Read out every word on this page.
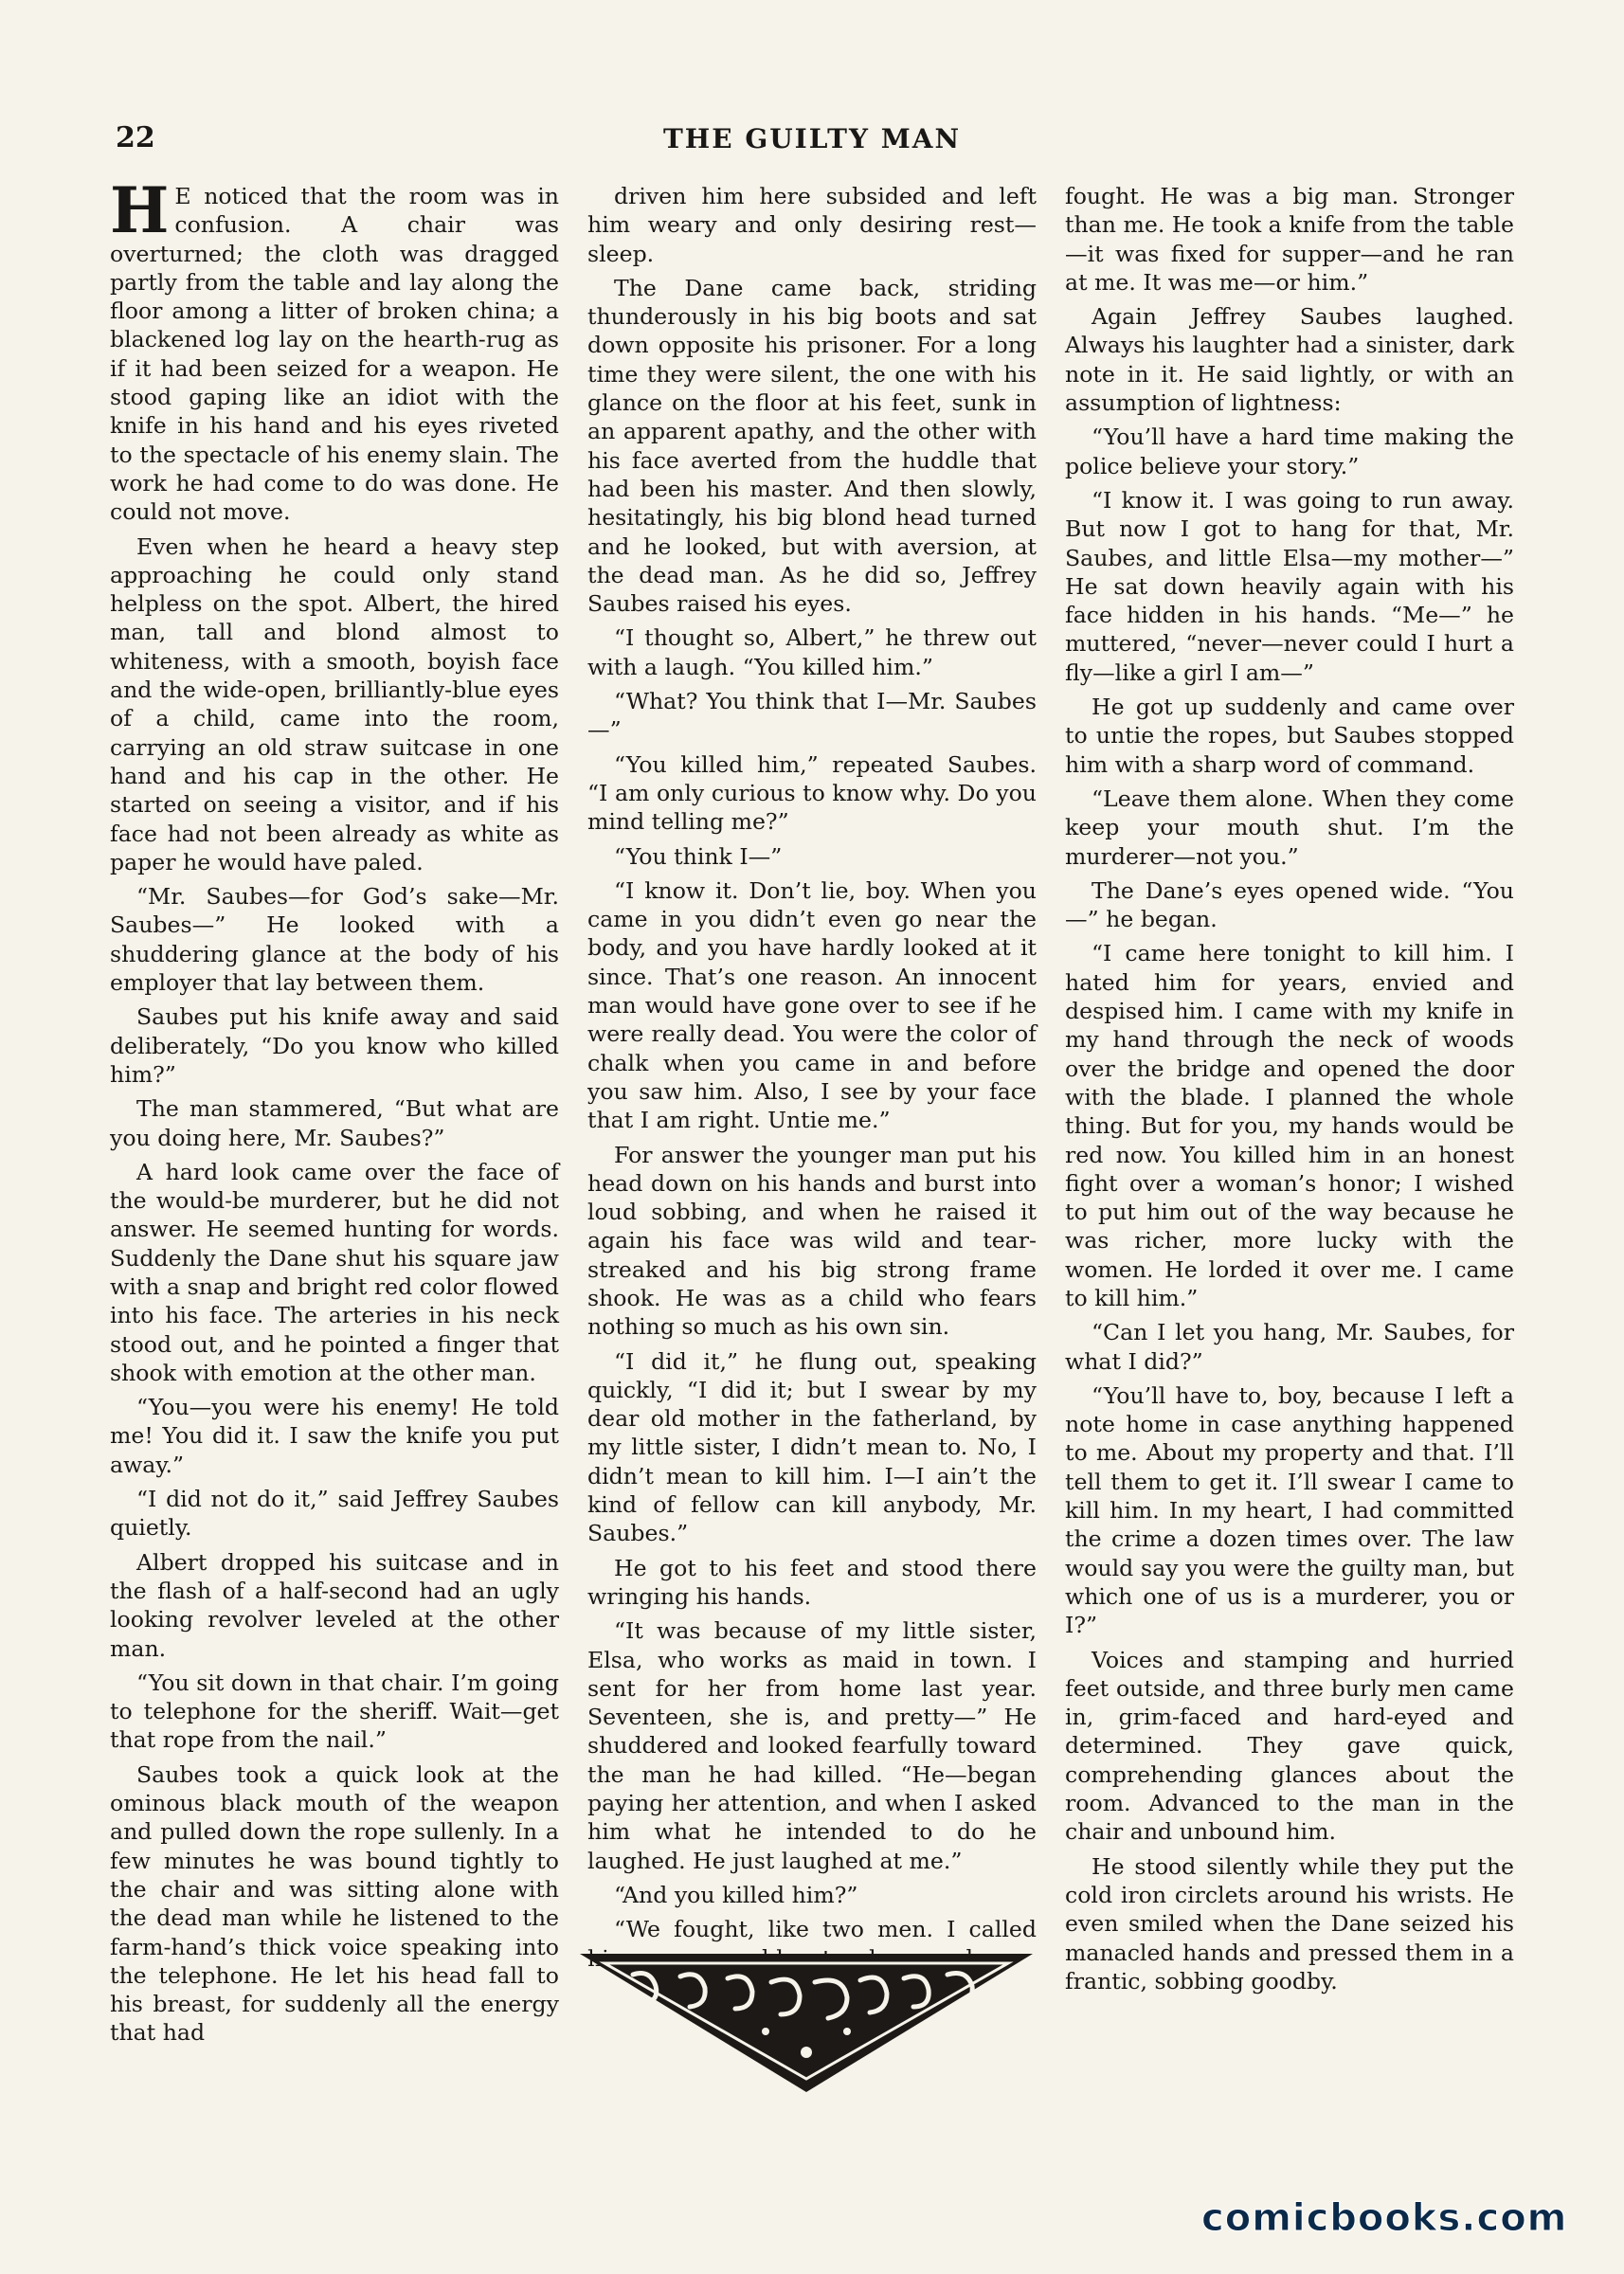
22	THE GUILTY MAN

H E noticed that the room was in confusion. A chair was overturned; the cloth was dragged partly from the table and lay along the floor among a litter of broken china; a blackened log lay on the hearth-rug as if it had been seized for a weapon. He stood gaping like an idiot with the knife in his hand and his eyes riveted to the spectacle of his enemy slain. The work he had come to do was done. He could not move.

Even when he heard a heavy step approaching he could only stand helpless on the spot. Albert, the hired man, tall and blond almost to whiteness, with a smooth, boyish face and the wide-open, brilliantly-blue eyes of a child, came into the room, carrying an old straw suitcase in one hand and his cap in the other. He started on seeing a visitor, and if his face had not been already as white as paper he would have paled.

“Mr. Saubes—for God’s sake—Mr. Saubes—” He looked with a shuddering glance at the body of his employer that lay between them.

Saubes put his knife away and said deliberately, “Do you know who killed him?”

The man stammered, “But what are you doing here, Mr. Saubes?”

A hard look came over the face of the would-be murderer, but he did not answer. He seemed hunting for words. Suddenly the Dane shut his square jaw with a snap and bright red color flowed into his face. The arteries in his neck stood out, and he pointed a finger that shook with emotion at the other man.

“You—you were his enemy! He told me! You did it. I saw the knife you put away.”

“I did not do it,” said Jeffrey Saubes quietly.

Albert dropped his suitcase and in the flash of a half-second had an ugly looking revolver leveled at the other man.

“You sit down in that chair. I’m going to telephone for the sheriff. Wait—get that rope from the nail.”

Saubes took a quick look at the ominous black mouth of the weapon and pulled down the rope sullenly. In a few minutes he was bound tightly to the chair and was sitting alone with the dead man while he listened to the farm-hand’s thick voice speaking into the telephone. He let his head fall to his breast, for suddenly all the energy that had

driven him here subsided and left him weary and only desiring rest—sleep.

The Dane came back, striding thunderously in his big boots and sat down opposite his prisoner. For a long time they were silent, the one with his glance on the floor at his feet, sunk in an apparent apathy, and the other with his face averted from the huddle that had been his master. And then slowly, hesitatingly, his big blond head turned and he looked, but with aversion, at the dead man. As he did so, Jeffrey Saubes raised his eyes.

“I thought so, Albert,” he threw out with a laugh. “You killed him.”

“What? You think that I—Mr. Saubes—”

“You killed him,” repeated Saubes. “I am only curious to know why. Do you mind telling me?”

“You think I—”

“I know it. Don’t lie, boy. When you came in you didn’t even go near the body, and you have hardly looked at it since. That’s one reason. An innocent man would have gone over to see if he were really dead. You were the color of chalk when you came in and before you saw him. Also, I see by your face that I am right. Untie me.”

For answer the younger man put his head down on his hands and burst into loud sobbing, and when he raised it again his face was wild and tear-streaked and his big strong frame shook. He was as a child who fears nothing so much as his own sin.

“I did it,” he flung out, speaking quickly, “I did it; but I swear by my dear old mother in the fatherland, by my little sister, I didn’t mean to. No, I didn’t mean to kill him. I—I ain’t the kind of fellow can kill anybody, Mr. Saubes.”

He got to his feet and stood there wringing his hands.

“It was because of my little sister, Elsa, who works as maid in town. I sent for her from home last year. Seventeen, she is, and pretty—” He shuddered and looked fearfully toward the man he had killed. “He—began paying her attention, and when I asked him what he intended to do he laughed. He just laughed at me.”

“And you killed him?”

“We fought, like two men. I called

fought. He was a big man. Stronger than me. He took a knife from the table—it was fixed for supper—and he ran at me. It was me—or him.”

Again Jeffrey Saubes laughed. Always his laughter had a sinister, dark note in it. He said lightly, or with an assumption of lightness:

“You’ll have a hard time making the police believe your story.”

“I know it. I was going to run away. But now I got to hang for that, Mr. Saubes, and little Elsa—my mother—” He sat down heavily again with his face hidden in his hands. “Me—” he muttered, “never—never could I hurt a fly—like a girl I am—”

He got up suddenly and came over to untie the ropes, but Saubes stopped him with a sharp word of command.

“Leave them alone. When they come keep your mouth shut. I’m the murderer—not you.”

The Dane’s eyes opened wide. “You—” he began.

“I came here tonight to kill him. I hated him for years, envied and despised him. I came with my knife in my hand through the neck of woods over the bridge and opened the door with the blade. I planned the whole thing. But for you, my hands would be red now. You killed him in an honest fight over a woman’s honor; I wished to put him out of the way because he was richer, more lucky with the women. He lorded it over me. I came to kill him.”

“Can I let you hang, Mr. Saubes, for what I did?”

“You’ll have to, boy, because I left a note home in case anything happened to me. About my property and that. I’ll tell them to get it. I’ll swear I came to kill him. In my heart, I had committed the crime a dozen times over. The law would say you were the guilty man, but which one of us is a murderer, you or I?”

Voices and stamping and hurried feet outside, and three burly men came in, grim-faced and hard-eyed and determined. They gave quick, comprehending glances about the room. Advanced to the man in the chair and unbound him.

He stood silently while they put the cold iron circlets around his wrists. He even smiled when the Dane seized his manacled hands and pressed them in a frantic, sobbing goodby.

comicbooks.com
